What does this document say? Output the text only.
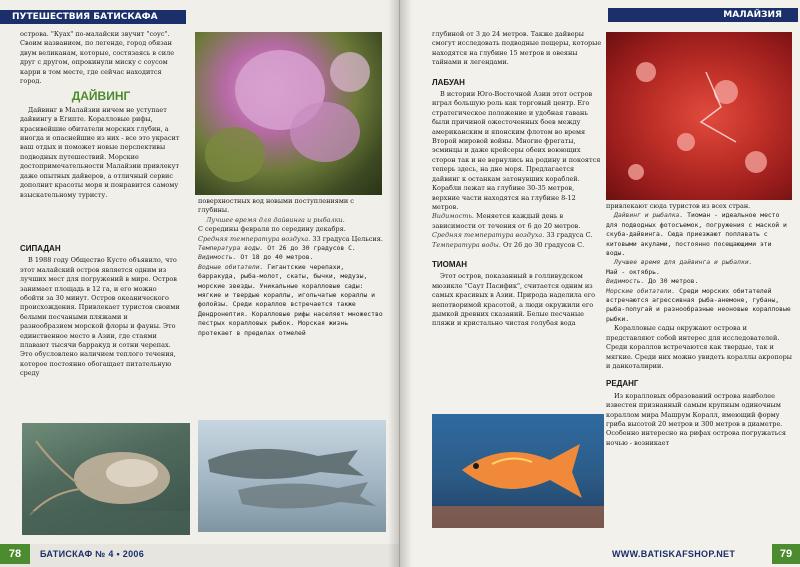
ПУТЕШЕСТВИЯ БАТИСКАФА

острова. "Куах" по-малайски звучит "соус". Своим названием, по легенде, город обязан двум великанам, которые, состязаясь в силе друг с другом, опрокинули миску с соусом карри в том месте, где сейчас находится город.

ДАЙВИНГ

Дайвинг в Малайзии ничем не уступает дайвингу в Египте. Коралловые рифы, красивейшие обитатели морских глубин, а иногда и опаснейшие из них - все это украсит ваш отдых и поможет новые перспективы подводных путешествий. Морские достопримечательности Малайзии привлекут даже опытных дайверов, а отличный сервис дополнит красоты моря и понравится самому взыскательному туристу.

СИПАДАН

В 1988 году Общество Кусто объявило, что этот малайский остров является одним из лучших мест для погружений в мире. Остров занимает площадь в 12 га, и его можно обойти за 30 минут. Остров океанического происхождения. Привлекает туристов своими белыми песчаными пляжами и разнообразием морской флоры и фауны. Это единственное место в Азии, где стаями плавают тысячи барракуд и сотни черепах. Это обусловлено наличием теплого течения, которое постоянно обогащает питательную среду

поверхностных вод новыми поступлениями с глубины.

Лучшее время для дайвинга и рыбалки.

С середины февраля по середину декабря.

Средняя температура воздуха. 33 градуса Цельсия.

Температура воды. От 26 до 30 градусов С.

Видимость. От 18 до 40 метров.

Водные обитатели. Гигантские черепахи, барракуда, рыба-молот, скаты, бычки, медузы, морские звезды. Уникальные коралловые сады: мягкие и твердые кораллы, игольчатые кораллы и фолойзы. Среди кораллов встречается также Дендронептия. Коралловые рифы населяет множество пестрых коралловых рыбок. Морская жизнь протекает в пределах отмелей

78	БАТИСКАФ № 4 • 2006
МАЛАЙЗИЯ

глубиной от 3 до 24 метров. Также дайверы смогут исследовать подводные пещеры, которые находятся на глубине 15 метров и овеяны тайнами и легендами.

ЛАБУАН

В истории Юго-Восточной Азии этот остров играл большую роль как торговый центр. Его стратегическое положение и удобная гавань были причиной ожесточенных боев между американским и японским флотом во время Второй мировой войны. Многие фрегаты, эсминцы и даже крейсеры обеих воюющих сторон так и не вернулись на родину и покоятся теперь здесь, на дне моря. Предлагается дайвинг к останкам затонувших кораблей. Корабли лежат на глубине 30-35 метров, верхние части находятся на глубине 8-12 метров.

Видимость. Меняется каждый день в зависимости от течения от 6 до 20 метров.

Средняя температура воздуха. 33 градуса С.

Температура воды. От 26 до 30 градусов С.

ТИОМАН

Этот остров, показанный в голливудском мюзикле "Саут Пасифик", считается одним из самых красивых в Азии. Природа наделила его непотворимой красотой, а люди окружили его дымкой древних сказаний. Белые песчаные пляжи и кристально чистая голубая вода

привлекают сюда туристов из всех стран.

Дайвинг и рыбалка. Тиоман - идеальное место для подводных фотосъемок, погружения с маской и скуба-дайвинга. Сюда приезжают поплавать с китовыми акулами, постоянно посещающими эти воды.

Лучшее время для дайвинга и рыбалки.

Май - октябрь.

Видимость. До 30 метров.

Морские обитатели. Среди морских обитателей встречаются агрессивная рыба-анемоне, губаны, рыба-попугай и разнообразные неоновые коралловые рыбки.

Коралловые сады окружают острова и представляют собой интерес для исследователей. Среди кораллов встречаются как твердые, так и мягкие. Среди них можно увидеть кораллы акропоры и данкоталирии.

РЕДАНГ

Из коралловых образований острова наиболее известен признанный самым крупным одиночным кораллом мира Машрум Коралл, имеющий форму гриба высотой 20 метров и 300 метров в диаметре. Особенно интересно на рифах острова погружаться ночью - возникает

WWW.BATISKAFSHOP.NET	79
